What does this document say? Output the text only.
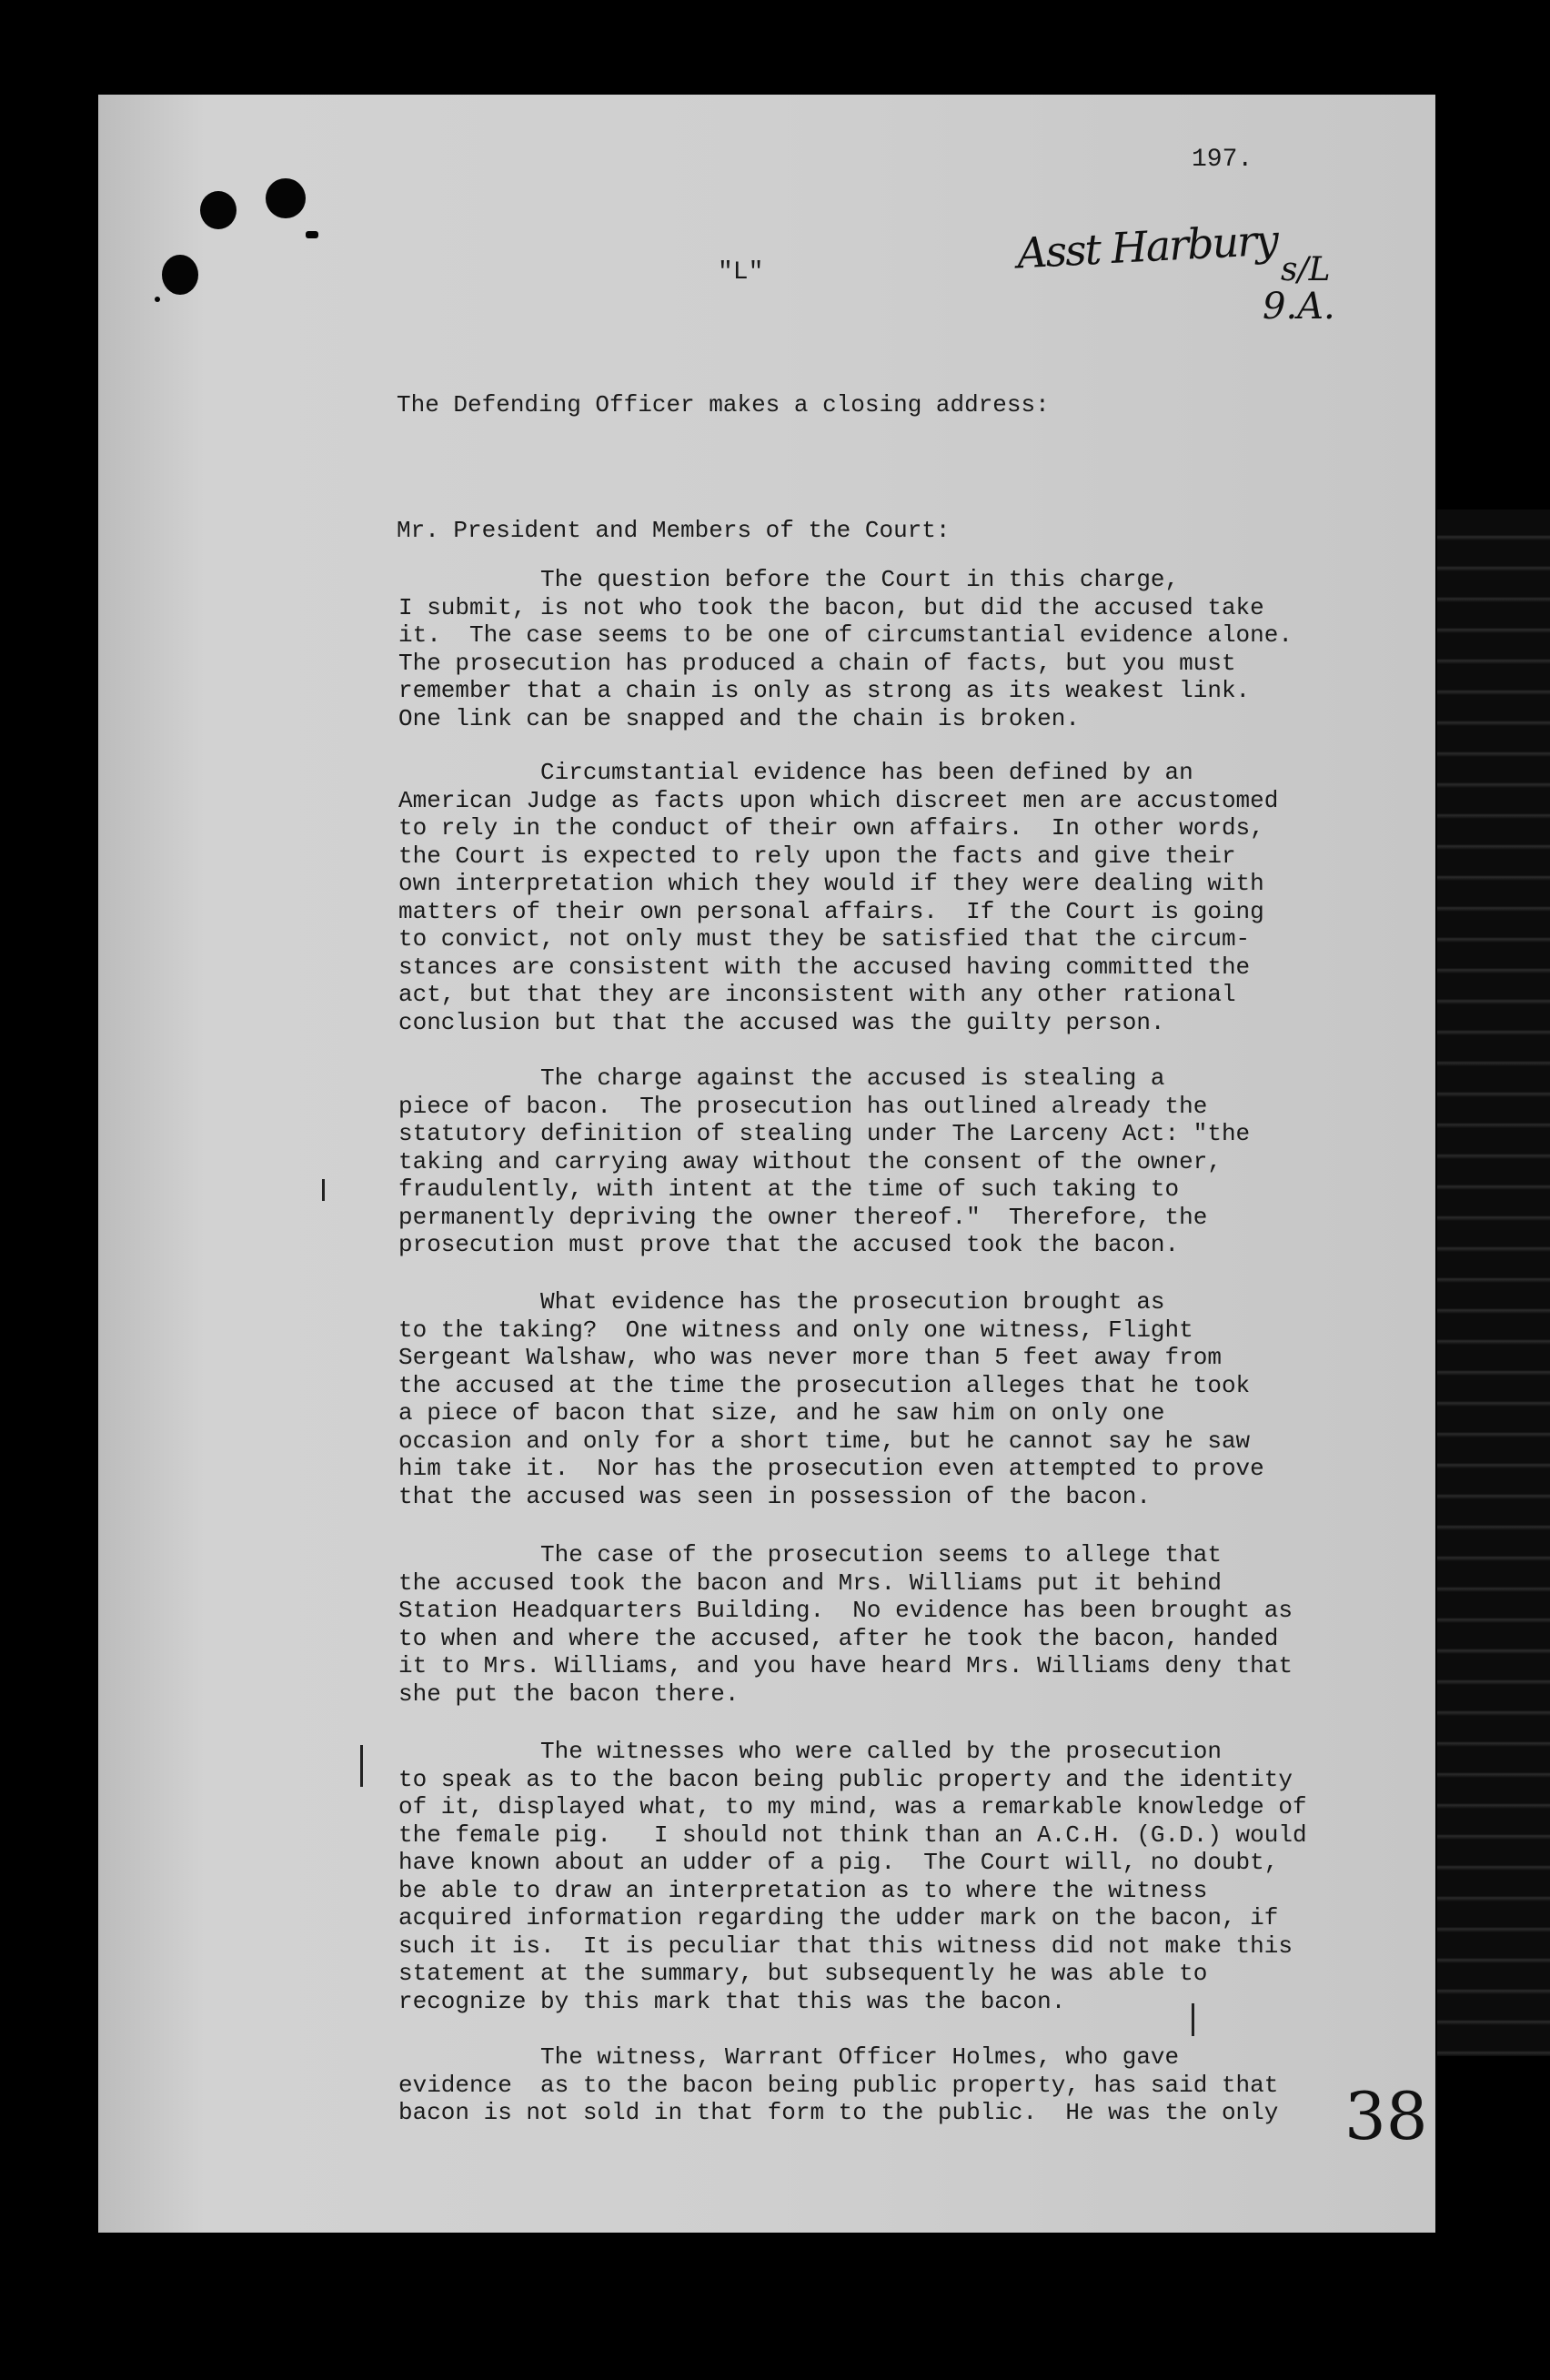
197.
"L"	Asst Harbury s/L
9.A.
The Defending Officer makes a closing address:
Mr. President and Members of the Court:
The question before the Court in this charge,
I submit, is not who took the bacon, but did the accused take
it.  The case seems to be one of circumstantial evidence alone.
The prosecution has produced a chain of facts, but you must
remember that a chain is only as strong as its weakest link.
One link can be snapped and the chain is broken.
Circumstantial evidence has been defined by an
American Judge as facts upon which discreet men are accustomed
to rely in the conduct of their own affairs.  In other words,
the Court is expected to rely upon the facts and give their
own interpretation which they would if they were dealing with
matters of their own personal affairs.  If the Court is going
to convict, not only must they be satisfied that the circum-
stances are consistent with the accused having committed the
act, but that they are inconsistent with any other rational
conclusion but that the accused was the guilty person.
The charge against the accused is stealing a
piece of bacon.  The prosecution has outlined already the
statutory definition of stealing under The Larceny Act: "the
taking and carrying away without the consent of the owner,
fraudulently, with intent at the time of such taking to
permanently depriving the owner thereof."  Therefore, the
prosecution must prove that the accused took the bacon.
What evidence has the prosecution brought as
to the taking?  One witness and only one witness, Flight
Sergeant Walshaw, who was never more than 5 feet away from
the accused at the time the prosecution alleges that he took
a piece of bacon that size, and he saw him on only one
occasion and only for a short time, but he cannot say he saw
him take it.  Nor has the prosecution even attempted to prove
that the accused was seen in possession of the bacon.
The case of the prosecution seems to allege that
the accused took the bacon and Mrs. Williams put it behind
Station Headquarters Building.  No evidence has been brought as
to when and where the accused, after he took the bacon, handed
it to Mrs. Williams, and you have heard Mrs. Williams deny that
she put the bacon there.
The witnesses who were called by the prosecution
to speak as to the bacon being public property and the identity
of it, displayed what, to my mind, was a remarkable knowledge of
the female pig.   I should not think than an A.C.H. (G.D.) would
have known about an udder of a pig.  The Court will, no doubt,
be able to draw an interpretation as to where the witness
acquired information regarding the udder mark on the bacon, if
such it is.  It is peculiar that this witness did not make this
statement at the summary, but subsequently he was able to
recognize by this mark that this was the bacon.
The witness, Warrant Officer Holmes, who gave
evidence  as to the bacon being public property, has said that
bacon is not sold in that form to the public.  He was the only	38
